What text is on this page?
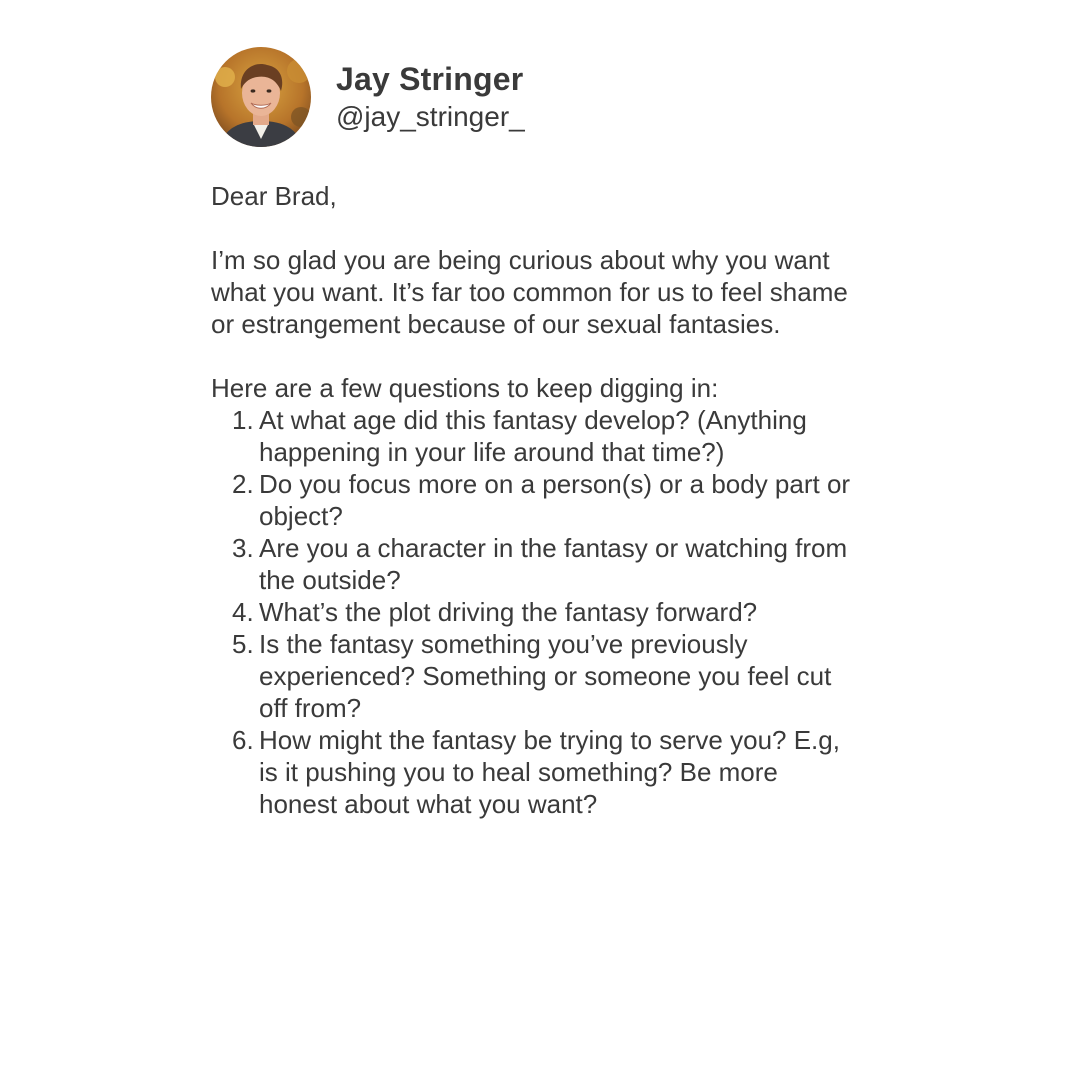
Jay Stringer
@jay_stringer_

Dear Brad,

I’m so glad you are being curious about why you want what you want. It’s far too common for us to feel shame or estrangement because of our sexual fantasies.

Here are a few questions to keep digging in:

1. At what age did this fantasy develop? (Anything happening in your life around that time?)
2. Do you focus more on a person(s) or a body part or object?
3. Are you a character in the fantasy or watching from the outside?
4. What’s the plot driving the fantasy forward?
5. Is the fantasy something you’ve previously experienced? Something or someone you feel cut off from?
6. How might the fantasy be trying to serve you? E.g, is it pushing you to heal something? Be more honest about what you want?
